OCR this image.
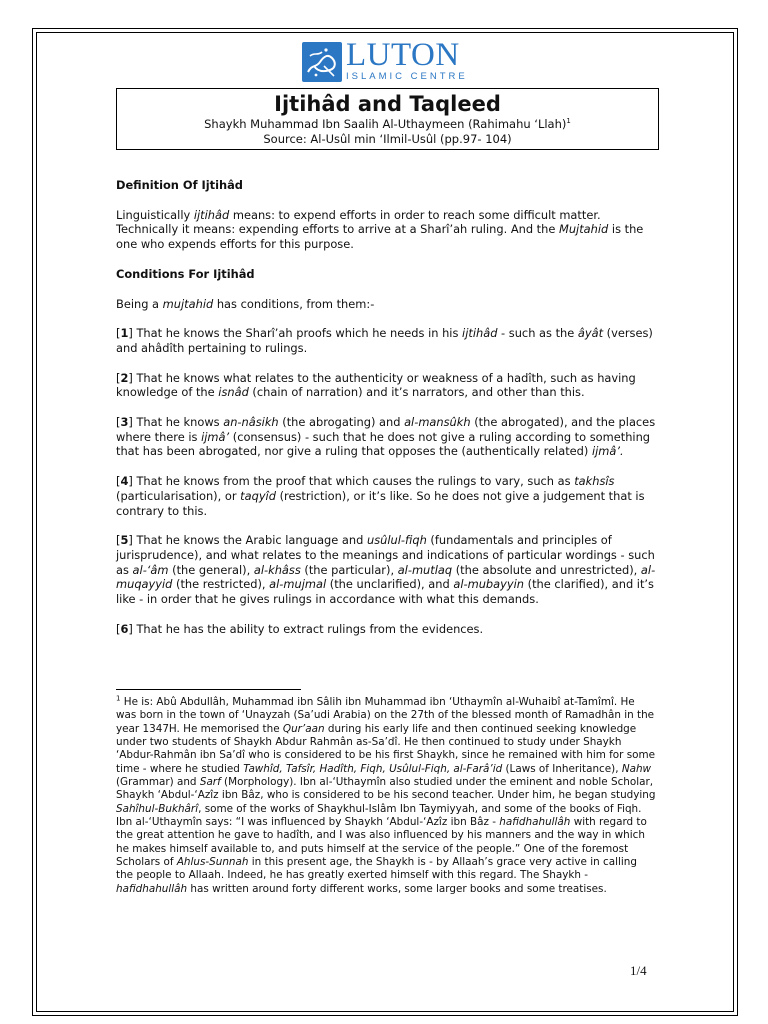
LUTON
ISLAMIC CENTRE
Ijtihâd and Taqleed
Shaykh Muhammad Ibn Saalih Al-Uthaymeen (Rahimahu ‘Llah)$^1$
Source: Al-Usûl min ‘Ilmil-Usûl (pp.97- 104)
Definition Of Ijtihâd

Linguistically ijtihâd means: to expend efforts in order to reach some difficult matter. Technically it means: expending efforts to arrive at a Sharî’ah ruling. And the Mujtahid is the one who expends efforts for this purpose.

Conditions For Ijtihâd

Being a mujtahid has conditions, from them:-

[1] That he knows the Sharî’ah proofs which he needs in his ijtihâd - such as the âyât (verses) and ahâdîth pertaining to rulings.

[2] That he knows what relates to the authenticity or weakness of a hadîth, such as having knowledge of the isnâd (chain of narration) and it’s narrators, and other than this.

[3] That he knows an-nâsikh (the abrogating) and al-mansûkh (the abrogated), and the places where there is ijmâ’ (consensus) - such that he does not give a ruling according to something that has been abrogated, nor give a ruling that opposes the (authentically related) ijmâ’.

[4] That he knows from the proof that which causes the rulings to vary, such as takhsîs (particularisation), or taqyîd (restriction), or it’s like. So he does not give a judgement that is contrary to this.

[5] That he knows the Arabic language and usûlul-fiqh (fundamentals and principles of jurisprudence), and what relates to the meanings and indications of particular wordings - such as al-‘âm (the general), al-khâss (the particular), al-mutlaq (the absolute and unrestricted), al-muqayyid (the restricted), al-mujmal (the unclarified), and al-mubayyin (the clarified), and it’s like - in order that he gives rulings in accordance with what this demands.

[6] That he has the ability to extract rulings from the evidences.

$^1$ He is: Abû Abdullâh, Muhammad ibn Sâlih ibn Muhammad ibn ‘Uthaymîn al-Wuhaibî at-Tamîmî. He was born in the town of ‘Unayzah (Sa’udi Arabia) on the 27th of the blessed month of Ramadhân in the year 1347H. He memorised the Qur’aan during his early life and then continued seeking knowledge under two students of Shaykh Abdur Rahmân as-Sa’dî. He then continued to study under Shaykh ‘Abdur-Rahmân ibn Sa’dî who is considered to be his first Shaykh, since he remained with him for some time - where he studied Tawhîd, Tafsîr, Hadîth, Fiqh, Usûlul-Fiqh, al-Farâ’id (Laws of Inheritance), Nahw (Grammar) and Sarf (Morphology). Ibn al-‘Uthaymîn also studied under the eminent and noble Scholar, Shaykh ‘Abdul-‘Azîz ibn Bâz, who is considered to be his second teacher. Under him, he began studying Sahîhul-Bukhârî, some of the works of Shaykhul-Islâm Ibn Taymiyyah, and some of the books of Fiqh. Ibn al-‘Uthaymîn says: “I was influenced by Shaykh ‘Abdul-‘Azîz ibn Bâz - hafidhahullâh with regard to the great attention he gave to hadîth, and I was also influenced by his manners and the way in which he makes himself available to, and puts himself at the service of the people.” One of the foremost Scholars of Ahlus-Sunnah in this present age, the Shaykh is - by Allaah’s grace very active in calling the people to Allaah. Indeed, he has greatly exerted himself with this regard. The Shaykh - hafidhahullâh has written around forty different works, some larger books and some treatises.
1/4
